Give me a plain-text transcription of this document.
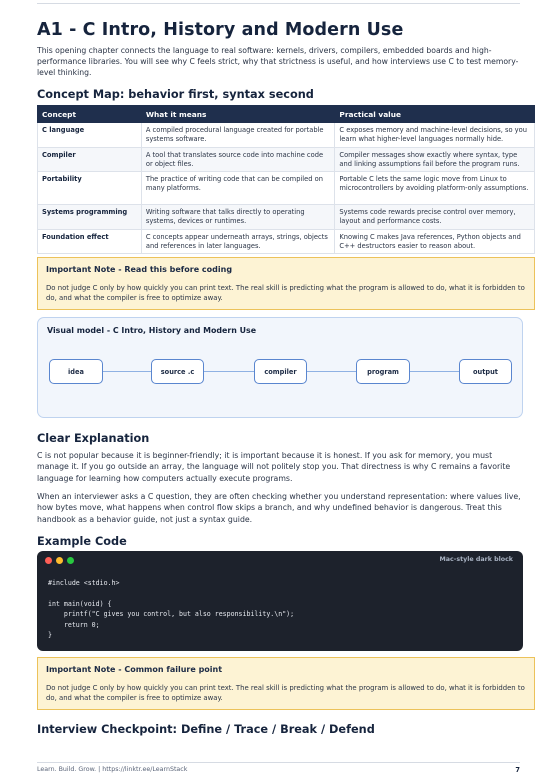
A1 - C Intro, History and Modern Use

This opening chapter connects the language to real software: kernels, drivers, compilers, embedded boards and high-performance libraries. You will see why C feels strict, why that strictness is useful, and how interviews use C to test memory-level thinking.

Concept Map: behavior first, syntax second
Concept	What it means	Practical value
C language	A compiled procedural language created for portable systems software.	C exposes memory and machine-level decisions, so you learn what higher-level languages normally hide.
Compiler	A tool that translates source code into machine code or object files.	Compiler messages show exactly where syntax, type and linking assumptions fail before the program runs.
Portability	The practice of writing code that can be compiled on many platforms.	Portable C lets the same logic move from Linux to microcontrollers by avoiding platform-only assumptions.
Systems programming	Writing software that talks directly to operating systems, devices or runtimes.	Systems code rewards precise control over memory, layout and performance costs.
Foundation effect	C concepts appear underneath arrays, strings, objects and references in later languages.	Knowing C makes Java references, Python objects and C++ destructors easier to reason about.
Important Note - Read this before coding
Do not judge C only by how quickly you can print text. The real skill is predicting what the program is allowed to do, what it is forbidden to do, and what the compiler is free to optimize away.
Visual model - C Intro, History and Modern Use
idea	source .c	compiler	program	output
Clear Explanation

C is not popular because it is beginner-friendly; it is important because it is honest. If you ask for memory, you must manage it. If you go outside an array, the language will not politely stop you. That directness is why C remains a favorite language for learning how computers actually execute programs.

When an interviewer asks a C question, they are often checking whether you understand representation: where values live, how bytes move, what happens when control flow skips a branch, and why undefined behavior is dangerous. Treat this handbook as a behavior guide, not just a syntax guide.

Example Code
Mac-style dark block
#include <stdio.h>

int main(void) {
printf("C gives you control, but also responsibility.\n");
return 0;
}
Important Note - Common failure point
Do not judge C only by how quickly you can print text. The real skill is predicting what the program is allowed to do, what it is forbidden to do, and what the compiler is free to optimize away.
Interview Checkpoint: Define / Trace / Break / Defend
Learn. Build. Grow. | https://linktr.ee/LearnStack	7
